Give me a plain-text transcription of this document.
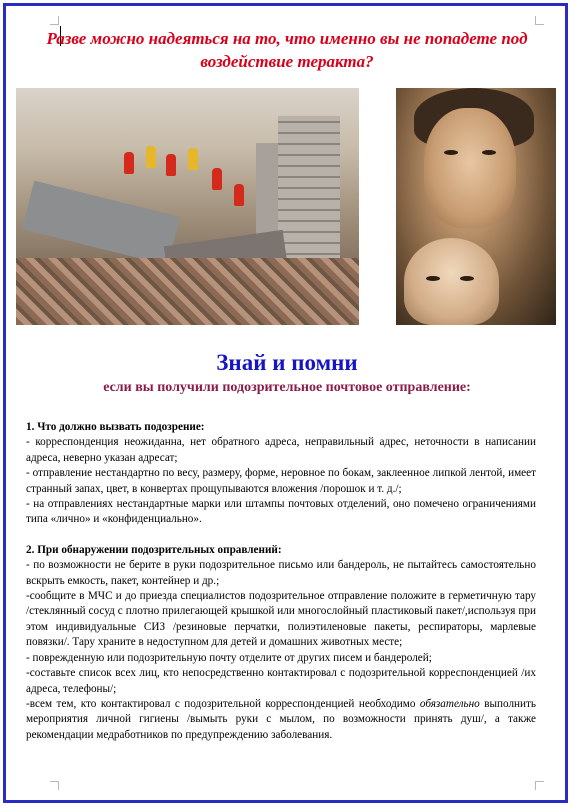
Разве можно надеяться на то, что именно вы не попадете под воздействие теракта?
Знай и помни
если вы получили подозрительное почтовое отправление:

1. Что должно вызвать подозрение:

- корреспонденция неожиданна, нет обратного адреса, неправильный адрес, неточности в написании адреса, неверно указан адресат;

- отправление нестандартно по весу, размеру, форме, неровное по бокам, заклеенное липкой лентой, имеет странный запах, цвет, в конвертах прощупываются вложения /порошок и т. д./;

- на отправлениях нестандартные марки или штампы почтовых отделений, оно помечено ограничениями типа «лично» и «конфиденциально».

2. При обнаружении подозрительных оправлений:

- по возможности не берите в руки подозрительное письмо или бандероль, не пытайтесь самостоятельно вскрыть емкость, пакет, контейнер и др.;

-сообщите в МЧС и до приезда специалистов подозрительное отправление положите в герметичную тару /стеклянный сосуд с плотно прилегающей крышкой или многослойный пластиковый пакет/,используя при этом индивидуальные СИЗ /резиновые перчатки, полиэтиленовые пакеты, респираторы, марлевые повязки/. Тару храните в недоступном для детей и домашних животных месте;

- поврежденную или подозрительную почту отделите от других писем и бандеролей;

-составьте список всех лиц, кто непосредственно контактировал с подозрительной корреспонденцией /их адреса, телефоны/;

-всем тем, кто контактировал с подозрительной корреспонденцией необходимо обязательно выполнить мероприятия личной гигиены /вымыть руки с мылом, по возможности принять душ/, а также рекомендации медработников по предупреждению заболевания.
